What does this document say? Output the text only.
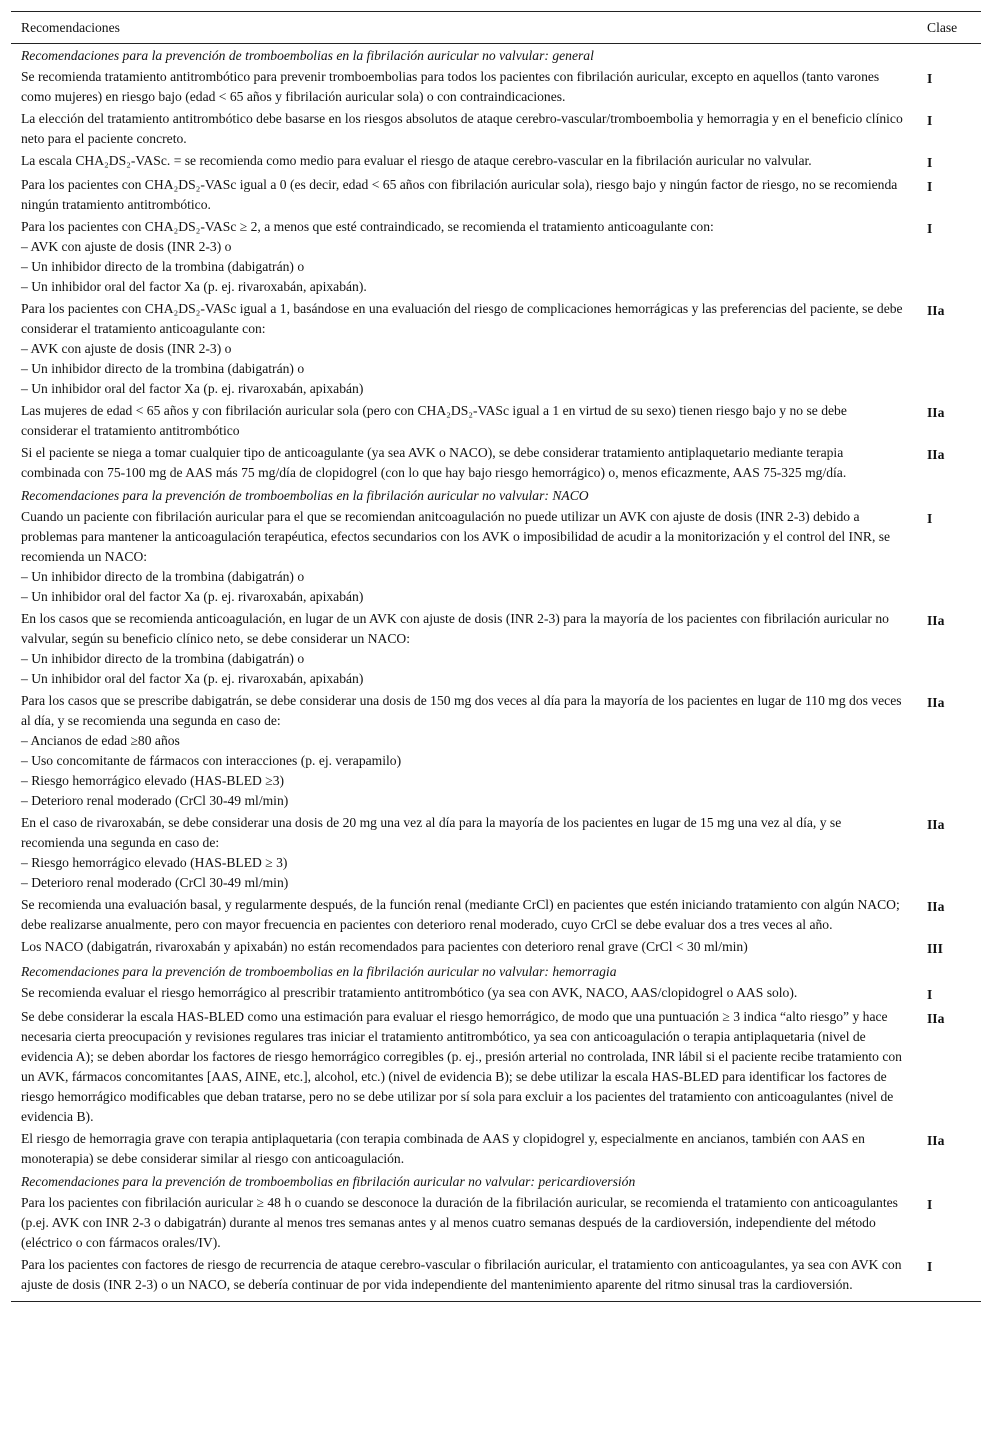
Recomendaciones	Clase
Recomendaciones para la prevención de tromboembolias en la fibrilación auricular no valvular: general	

Se recomienda tratamiento antitrombótico para prevenir tromboembolias para todos los pacientes con fibrilación auricular, excepto en aquellos (tanto varones como mujeres) en riesgo bajo (edad < 65 años y fibrilación auricular sola) o con contraindicaciones.	I

La elección del tratamiento antitrombótico debe basarse en los riesgos absolutos de ataque cerebro-vascular/tromboembolia y hemorragia y en el beneficio clínico neto para el paciente concreto.	I

La escala CHA₂DS₂-VASc. = se recomienda como medio para evaluar el riesgo de ataque cerebro-vascular en la fibrilación auricular no valvular.	I

Para los pacientes con CHA₂DS₂-VASc igual a 0 (es decir, edad < 65 años con fibrilación auricular sola), riesgo bajo y ningún factor de riesgo, no se recomienda ningún tratamiento antitrombótico.	I

Para los pacientes con CHA₂DS₂-VASc ≥ 2, a menos que esté contraindicado, se recomienda el tratamiento anticoagulante con:
– AVK con ajuste de dosis (INR 2-3) o
– Un inhibidor directo de la trombina (dabigatrán) o
– Un inhibidor oral del factor Xa (p. ej. rivaroxabán, apixabán).	I

Para los pacientes con CHA₂DS₂-VASc igual a 1, basándose en una evaluación del riesgo de complicaciones hemorrágicas y las preferencias del paciente, se debe considerar el tratamiento anticoagulante con:
– AVK con ajuste de dosis (INR 2-3) o
– Un inhibidor directo de la trombina (dabigatrán) o
– Un inhibidor oral del factor Xa (p. ej. rivaroxabán, apixabán)	IIa

Las mujeres de edad < 65 años y con fibrilación auricular sola (pero con CHA₂DS₂-VASc igual a 1 en virtud de su sexo) tienen riesgo bajo y no se debe considerar el tratamiento antitrombótico	IIa

Si el paciente se niega a tomar cualquier tipo de anticoagulante (ya sea AVK o NACO), se debe considerar tratamiento antiplaquetario mediante terapia combinada con 75-100 mg de AAS más 75 mg/día de clopidogrel (con lo que hay bajo riesgo hemorrágico) o, menos eficazmente, AAS 75-325 mg/día.	IIa
Recomendaciones para la prevención de tromboembolias en la fibrilación auricular no valvular: NACO	

Cuando un paciente con fibrilación auricular para el que se recomiendan anitcoagulación no puede utilizar un AVK con ajuste de dosis (INR 2-3) debido a problemas para mantener la anticoagulación terapéutica, efectos secundarios con los AVK o imposibilidad de acudir a la monitorización y el control del INR, se recomienda un NACO:
– Un inhibidor directo de la trombina (dabigatrán) o
– Un inhibidor oral del factor Xa (p. ej. rivaroxabán, apixabán)	I

En los casos que se recomienda anticoagulación, en lugar de un AVK con ajuste de dosis (INR 2-3) para la mayoría de los pacientes con fibrilación auricular no valvular, según su beneficio clínico neto, se debe considerar un NACO:
– Un inhibidor directo de la trombina (dabigatrán) o
– Un inhibidor oral del factor Xa (p. ej. rivaroxabán, apixabán)	IIa

Para los casos que se prescribe dabigatrán, se debe considerar una dosis de 150 mg dos veces al día para la mayoría de los pacientes en lugar de 110 mg dos veces al día, y se recomienda una segunda en caso de:
– Ancianos de edad ≥80 años
– Uso concomitante de fármacos con interacciones (p. ej. verapamilo)
– Riesgo hemorrágico elevado (HAS-BLED ≥3)
– Deterioro renal moderado (CrCl 30-49 ml/min)	IIa

En el caso de rivaroxabán, se debe considerar una dosis de 20 mg una vez al día para la mayoría de los pacientes en lugar de 15 mg una vez al día, y se recomienda una segunda en caso de:
– Riesgo hemorrágico elevado (HAS-BLED ≥ 3)
– Deterioro renal moderado (CrCl 30-49 ml/min)	IIa

Se recomienda una evaluación basal, y regularmente después, de la función renal (mediante CrCl) en pacientes que estén iniciando tratamiento con algún NACO; debe realizarse anualmente, pero con mayor frecuencia en pacientes con deterioro renal moderado, cuyo CrCl se debe evaluar dos a tres veces al año.	IIa

Los NACO (dabigatrán, rivaroxabán y apixabán) no están recomendados para pacientes con deterioro renal grave (CrCl < 30 ml/min)	III
Recomendaciones para la prevención de tromboembolias en la fibrilación auricular no valvular: hemorragia	

Se recomienda evaluar el riesgo hemorrágico al prescribir tratamiento antitrombótico (ya sea con AVK, NACO, AAS/clopidogrel o AAS solo).	I

Se debe considerar la escala HAS-BLED como una estimación para evaluar el riesgo hemorrágico, de modo que una puntuación ≥ 3 indica “alto riesgo” y hace necesaria cierta preocupación y revisiones regulares tras iniciar el tratamiento antitrombótico, ya sea con anticoagulación o terapia antiplaquetaria (nivel de evidencia A); se deben abordar los factores de riesgo hemorrágico corregibles (p. ej., presión arterial no controlada, INR lábil si el paciente recibe tratamiento con un AVK, fármacos concomitantes [AAS, AINE, etc.], alcohol, etc.) (nivel de evidencia B); se debe utilizar la escala HAS-BLED para identificar los factores de riesgo hemorrágico modificables que deban tratarse, pero no se debe utilizar por sí sola para excluir a los pacientes del tratamiento con anticoagulantes (nivel de evidencia B).	IIa

El riesgo de hemorragia grave con terapia antiplaquetaria (con terapia combinada de AAS y clopidogrel y, especialmente en ancianos, también con AAS en monoterapia) se debe considerar similar al riesgo con anticoagulación.	IIa
Recomendaciones para la prevención de tromboembolias en fibrilación auricular no valvular: pericardioversión	

Para los pacientes con fibrilación auricular ≥ 48 h o cuando se desconoce la duración de la fibrilación auricular, se recomienda el tratamiento con anticoagulantes (p.ej. AVK con INR 2-3 o dabigatrán) durante al menos tres semanas antes y al menos cuatro semanas después de la cardioversión, independiente del método (eléctrico o con fármacos orales/IV).	I

Para los pacientes con factores de riesgo de recurrencia de ataque cerebro-vascular o fibrilación auricular, el tratamiento con anticoagulantes, ya sea con AVK con ajuste de dosis (INR 2-3) o un NACO, se debería continuar de por vida independiente del mantenimiento aparente del ritmo sinusal tras la cardioversión.	I
